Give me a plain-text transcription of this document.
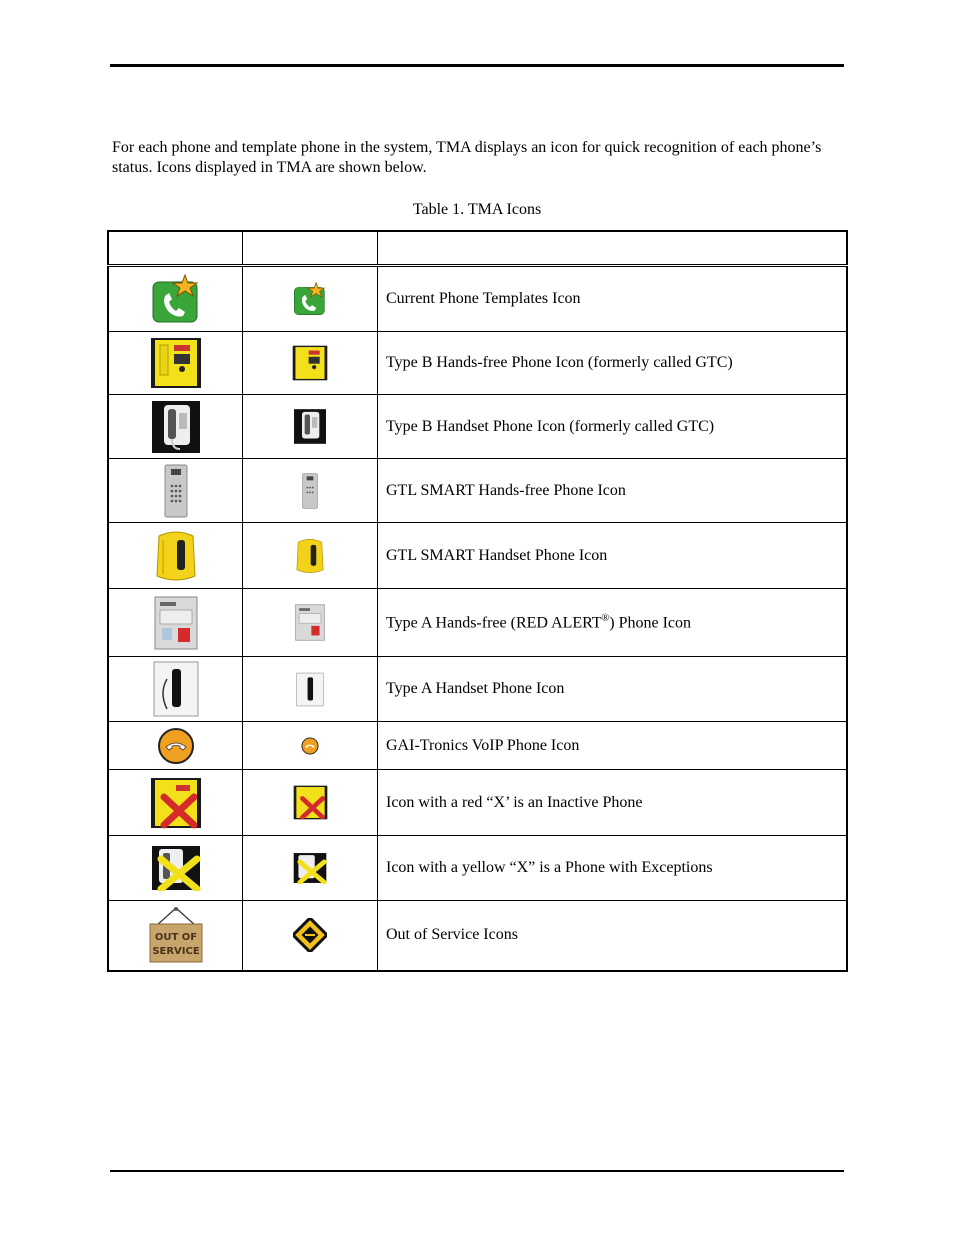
For each phone and template phone in the system, TMA displays an icon for quick recognition of each phone’s status. Icons displayed in TMA are shown below.

Table 1. TMA Icons

		Current Phone Templates Icon
		Type B Hands-free Phone Icon (formerly called GTC)
		Type B Handset Phone Icon (formerly called GTC)
		GTL SMART Hands-free Phone Icon
		GTL SMART Handset Phone Icon
		Type A Hands-free (RED ALERT®) Phone Icon
		Type A Handset Phone Icon
		GAI-Tronics VoIP Phone Icon
		Icon with a red “X’ is an Inactive Phone
		Icon with a yellow “X” is a Phone with Exceptions

OUT OF
SERVICE		Out of Service Icons
